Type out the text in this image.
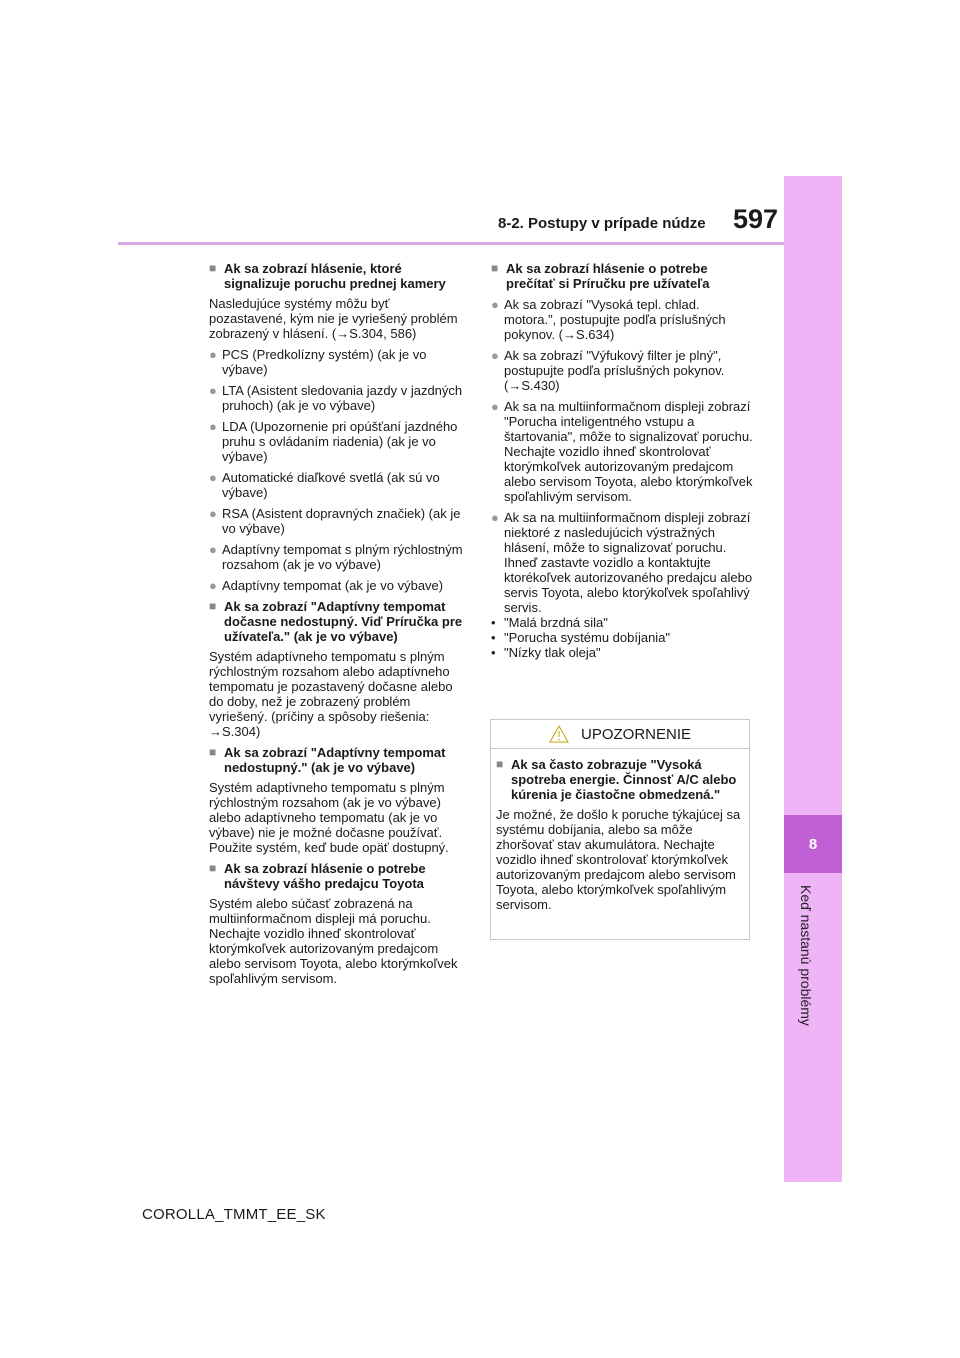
8
Keď nastanú problémy
8-2. Postupy v prípade núdze 597
■ Ak sa zobrazí hlásenie, ktoré signalizuje poruchu prednej kamery
Nasledujúce systémy môžu byť pozastavené, kým nie je vyriešený problém zobrazený v hlásení. (→S.304, 586)
● PCS (Predkolízny systém) (ak je vo výbave)
● LTA (Asistent sledovania jazdy v jazdných pruhoch) (ak je vo výbave)
● LDA (Upozornenie pri opúšťaní jazdného pruhu s ovládaním riadenia) (ak je vo výbave)
● Automatické diaľkové svetlá (ak sú vo výbave)
● RSA (Asistent dopravných značiek) (ak je vo výbave)
● Adaptívny tempomat s plným rýchlostným rozsahom (ak je vo výbave)
● Adaptívny tempomat (ak je vo výbave)
■ Ak sa zobrazí "Adaptívny tempomat dočasne nedostupný. Viď Príručka pre užívateľa." (ak je vo výbave)
Systém adaptívneho tempomatu s plným rýchlostným rozsahom alebo adaptívneho tempomatu je pozastavený dočasne alebo do doby, než je zobrazený problém vyriešený. (príčiny a spôsoby riešenia: →S.304)
■ Ak sa zobrazí "Adaptívny tempomat nedostupný." (ak je vo výbave)
Systém adaptívneho tempomatu s plným rýchlostným rozsahom (ak je vo výbave) alebo adaptívneho tempomatu (ak je vo výbave) nie je možné dočasne používať. Použite systém, keď bude opäť dostupný.
■ Ak sa zobrazí hlásenie o potrebe návštevy vášho predajcu Toyota
Systém alebo súčasť zobrazená na multiinformačnom displeji má poruchu. Nechajte vozidlo ihneď skontrolovať ktorýmkoľvek autorizovaným predajcom alebo servisom Toyota, alebo ktorýmkoľvek spoľahlivým servisom.
■ Ak sa zobrazí hlásenie o potrebe prečítať si Príručku pre užívateľa
● Ak sa zobrazí "Vysoká tepl. chlad. motora.", postupujte podľa príslušných pokynov. (→S.634)
● Ak sa zobrazí "Výfukový filter je plný", postupujte podľa príslušných pokynov. (→S.430)
● Ak sa na multiinformačnom displeji zobrazí "Porucha inteligentného vstupu a štartovania", môže to signalizovať poruchu. Nechajte vozidlo ihneď skontrolovať ktorýmkoľvek autorizovaným predajcom alebo servisom Toyota, alebo ktorýmkoľvek spoľahlivým servisom.
● Ak sa na multiinformačnom displeji zobrazí niektoré z nasledujúcich výstražných hlásení, môže to signalizovať poruchu. Ihneď zastavte vozidlo a kontaktujte ktorékoľvek autorizovaného predajcu alebo servis Toyota, alebo ktorýkoľvek spoľahlivý servis.
• "Malá brzdná sila"
• "Porucha systému dobíjania"
• "Nízky tlak oleja"
UPOZORNENIE
■ Ak sa často zobrazuje "Vysoká spotreba energie. Činnosť A/C alebo kúrenia je čiastočne obmedzená."
Je možné, že došlo k poruche týkajúcej sa systému dobíjania, alebo sa môže zhoršovať stav akumulátora. Nechajte vozidlo ihneď skontrolovať ktorýmkoľvek autorizovaným predajcom alebo servisom Toyota, alebo ktorýmkoľvek spoľahlivým servisom.
COROLLA_TMMT_EE_SK
